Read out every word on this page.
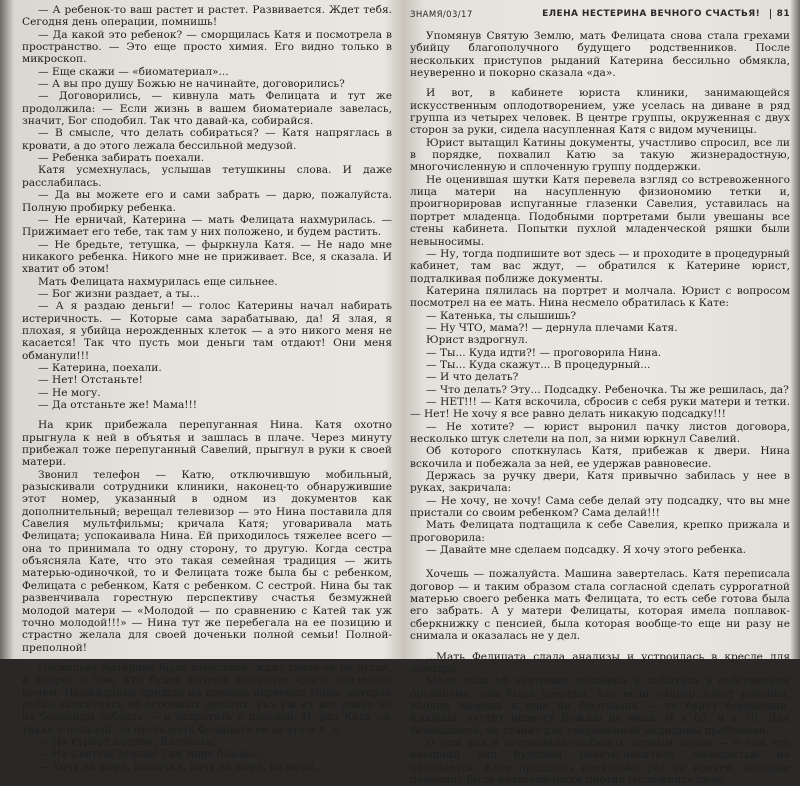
— А ребенок-то ваш растет и растет. Развивается. Ждет тебя. Сегодня день операции, помнишь!

— Да какой это ребенок? — сморщилась Катя и посмотрела в пространство. — Это еще просто химия. Его видно только в микроскоп.

— Еще скажи — «биоматериал»...

— А вы про душу Божью не начинайте, договорились?

— Договорились, — кивнула мать Фелицата и тут же продолжила: — Если жизнь в вашем биоматериале завелась, значит, Бог сподобил. Так что давай-ка, собирайся.

— В смысле, что делать собираться? — Катя напряглась в кровати, а до этого лежала бессильной медузой.

— Ребенка забирать поехали.

Катя усмехнулась, услышав тетушкины слова. И даже расслабилась.

— Да вы можете его и сами забрать — дарю, пожалуйста. Полную пробирку ребенка.

— Не ерничай, Катерина — мать Фелицата нахмурилась. — Прижимает его тебе, так там у них положено, и будем растить.

— Не бредьте, тетушка, — фыркнула Катя. — Не надо мне никакого ребенка. Никого мне не приживает. Все, я сказала. И хватит об этом!

Мать Фелицата нахмурилась еще сильнее.

— Бог жизни раздает, а ты...

— А я раздаю деньги! — голос Катерины начал набирать истеричность. — Которые сама зарабатываю, да! Я злая, я плохая, я убийца нерожденных клеток — а это никого меня не касается! Так что пусть мои деньги там отдают! Они меня обманули!!!

— Катерина, поехали.

— Нет! Отстаньте!

— Не могу.

— Да отстаньте же! Мама!!!

На крик прибежала перепуганная Нина. Катя охотно прыгнула к ней в объятья и зашлась в плаче. Через минуту прибежал тоже перепуганный Савелий, прыгнул в руки к своей матери.

Звонил телефон — Катю, отключившую мобильный, разыскивали сотрудники клиники, наконец-то обнаружившие этот номер, указанный в одном из документов как дополнительный; верещал телевизор — это Нина поставила для Савелия мультфильмы; кричала Катя; уговаривала мать Фелицата; успокаивала Нина. Ей приходилось тяжелее всего — она то принимала то одну сторону, то другую. Когда сестра объясняла Кате, что это такая семейная традиция — жить матерью-одиночкой, то и Фелицата тоже была бы с ребенком, Фелицата с ребенком, Катя с ребенком. С сестрой. Нина бы так развенчивала горестную перспективу счастья безмужней молодой матери — «Молодой — по сравнению с Катей так уж точно молодой!!!» — Нина тут же перебегала на ее позицию и страстно желала для своей доченьки полной семьи! Полной-преполной!

Поскольку Катерина была атеисткой, ждал греха ее не пугал, а вопрос о том, кто будет матери Фелицате крыть оказалось нечем. Неожиданно пришла на помощь первенец Нина, которая робко заикнулась об огромных деньгах. Раз уж их все равно не из больницы забрать — и истратить с пользой. И, раз Катя уж такая с пользой, то пусть мать Фелицата ее за это и т. д.

— На курорт поедем, Катенька!

— На Святую Землю! Там море близко!

— Хочу на море, мамочка, хочу на море, на море...

ЗНАМЯ/03/17	ЕЛЕНА НЕСТЕРИНА ВЕЧНОГО СЧАСТЬЯ! 81

Упомянув Святую Землю, мать Фелицата снова стала грехами убийцу благополучного будущего родственников. После нескольких приступов рыданий Катерина бессильно обмякла, неуверенно и покорно сказала «да».

И вот, в кабинете юриста клиники, занимающейся искусственным оплодотворением, уже уселась на диване в ряд группа из четырех человек. В центре группы, окруженная с двух сторон за руки, сидела насупленная Катя с видом мученицы.

Юрист вытащил Катины документы, участливо спросил, все ли в порядке, похвалил Катю за такую жизнерадостную, многочисленную и сплоченную группу поддержки.

Не оценившая шутки Катя перевела взгляд со встревоженного лица матери на насупленную физиономию тетки и, проигнорировав испуганные глазенки Савелия, уставилась на портрет младенца. Подобными портретами были увешаны все стены кабинета. Попытки пухлой младенческой ряшки были невыносимы.

— Ну, тогда подпишите вот здесь — и проходите в процедурный кабинет, там вас ждут, — обратился к Катерине юрист, подталкивая поближе документы.

Катерина пялилась на портрет и молчала. Юрист с вопросом посмотрел на ее мать. Нина несмело обратилась к Кате:

— Катенька, ты слышишь?

— Ну ЧТО, мама?! — дернула плечами Катя.

Юрист вздрогнул.

— Ты... Куда идти?! — проговорила Нина.

— Ты... Куда скажут... В процедурный...

— И что делать?

— Что делать? Эту... Подсадку. Ребеночка. Ты же решилась, да?

— НЕТ!!! — Катя вскочила, сбросив с себя руки матери и тетки. — Нет! Не хочу я все равно делать никакую подсадку!!!

— Не хотите? — юрист выронил пачку листов договора, несколько штук слетели на пол, за ними юркнул Савелий.

Об которого споткнулась Катя, прибежав к двери. Нина вскочила и побежала за ней, ее удержав равновесие.

Держась за ручку двери, Катя привычно забилась у нее в руках, закричала:

— Не хочу, не хочу! Сама себе делай эту подсадку, что вы мне пристали со своим ребенком? Сама делай!!!

Мать Фелицата подтащила к себе Савелия, крепко прижала и проговорила:

— Давайте мне сделаем подсадку. Я хочу этого ребенка.

Хочешь — пожалуйста. Машина завертелась. Катя переписала договор — и таким образом стала согласной сделать суррогатной матерью своего ребенка мать Фелицата, то есть себе готова была его забрать. А у матери Фелицаты, которая имела поплавок-сберкнижку с пенсией, была которая вообще-то еще ни разу не снимала и оказалась не у дел.

...Мать Фелицата сдала анализы и устроилась в кресле для осмотра.

Мало зная об анатомии человека и событиях в собственном организме, она была уверена, что если сильно хочет ребенка, вполне здорова и еще не бесплодна — то будет беременна. Климакс пустит невесту Божию на вида. И в 65, и в 70. Для Всевышнего, не станет для современной медицины проблемой.

О чем она и поспешила сообщить первым делом — о том что внешний вид будущей ракеты-носителя молодостью не отличается. Кате пришлось несколько раз на врачей, которые поначалу были категорически против (усложнить свою
